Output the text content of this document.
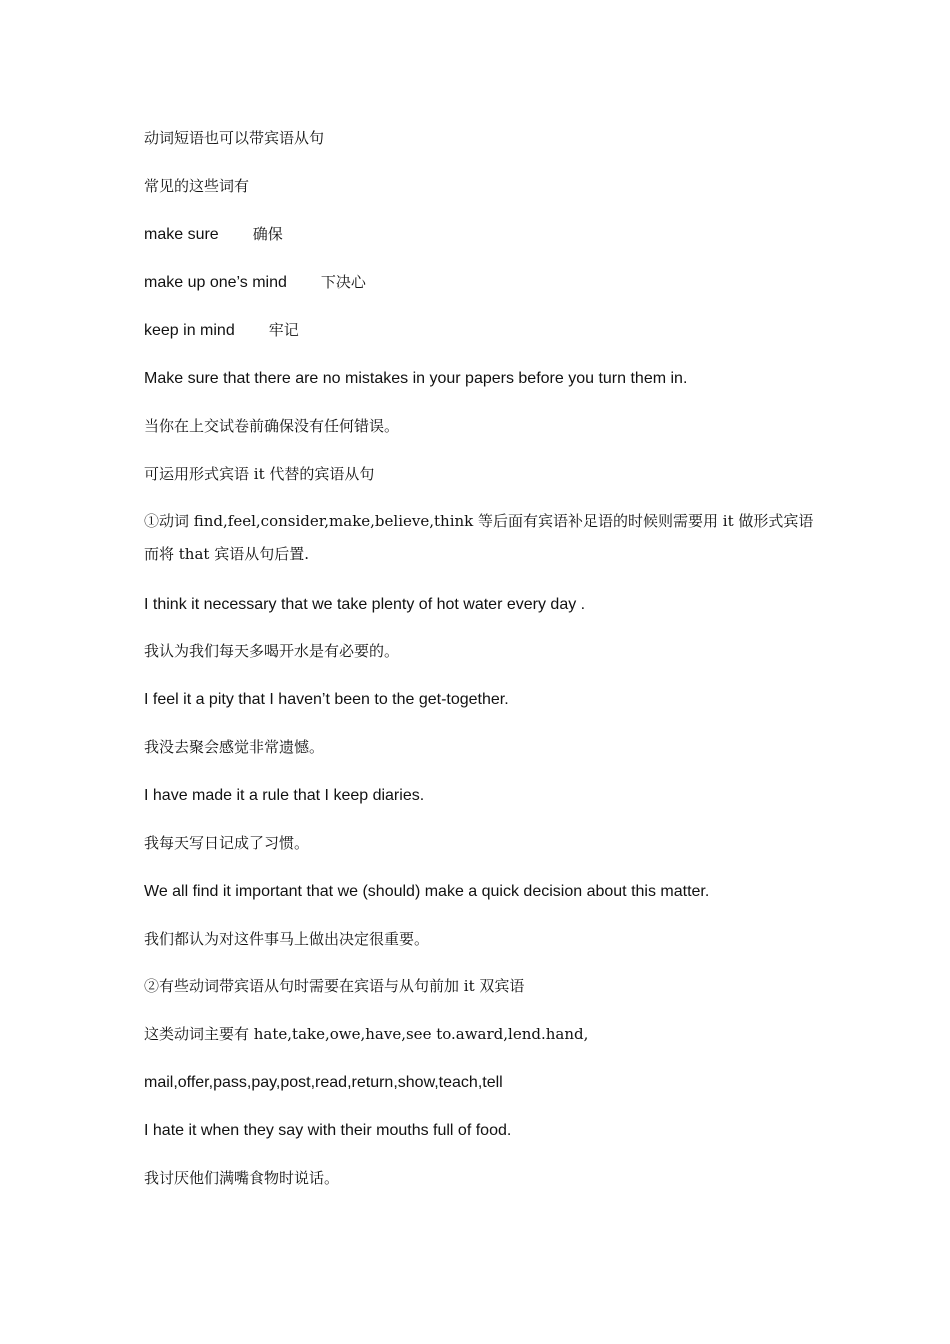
动词短语也可以带宾语从句
常见的这些词有
make sure 确保
make up one’s mind 下决心
keep in mind 牢记
Make sure that there are no mistakes in your papers before you turn them in.
当你在上交试卷前确保没有任何错误。
可运用形式宾语 it 代替的宾语从句
①动词 find,feel,consider,make,believe,think 等后面有宾语补足语的时候则需要用 it 做形式宾语而将 that 宾语从句后置.
I think it necessary that we take plenty of hot water every day .
我认为我们每天多喝开水是有必要的。
I feel it a pity that I haven’t been to the get-together.
我没去聚会感觉非常遗憾。
I have made it a rule that I keep diaries.
我每天写日记成了习惯。
We all find it important that we (should) make a quick decision about this matter.
我们都认为对这件事马上做出决定很重要。
②有些动词带宾语从句时需要在宾语与从句前加 it 双宾语
这类动词主要有 hate,take,owe,have,see to.award,lend.hand,
mail,offer,pass,pay,post,read,return,show,teach,tell
I hate it when they say with their mouths full of food.
我讨厌他们满嘴食物时说话。
